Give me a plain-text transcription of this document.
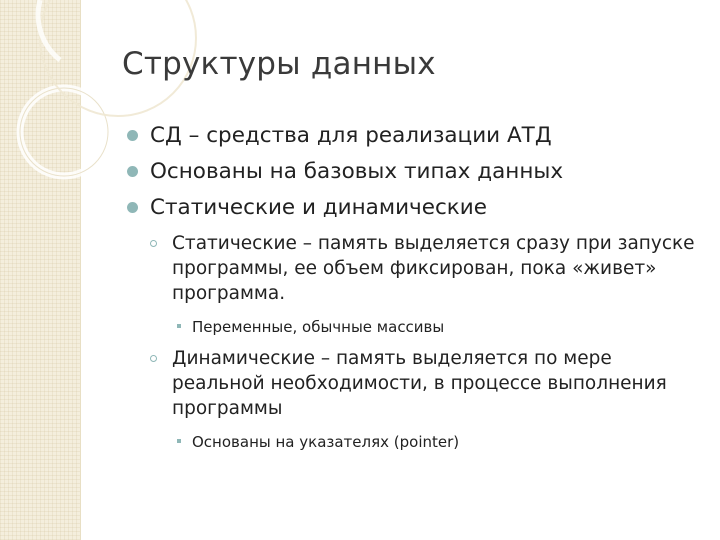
Структуры данных
СД – средства для реализации АТД
Основаны на базовых типах данных
Статические и динамические
Статические – память выделяется сразу при запуске программы, ее объем фиксирован, пока «живет» программа.
Переменные, обычные массивы
Динамические – память выделяется по мере реальной необходимости, в процессе выполнения программы
Основаны на указателях (pointer)
